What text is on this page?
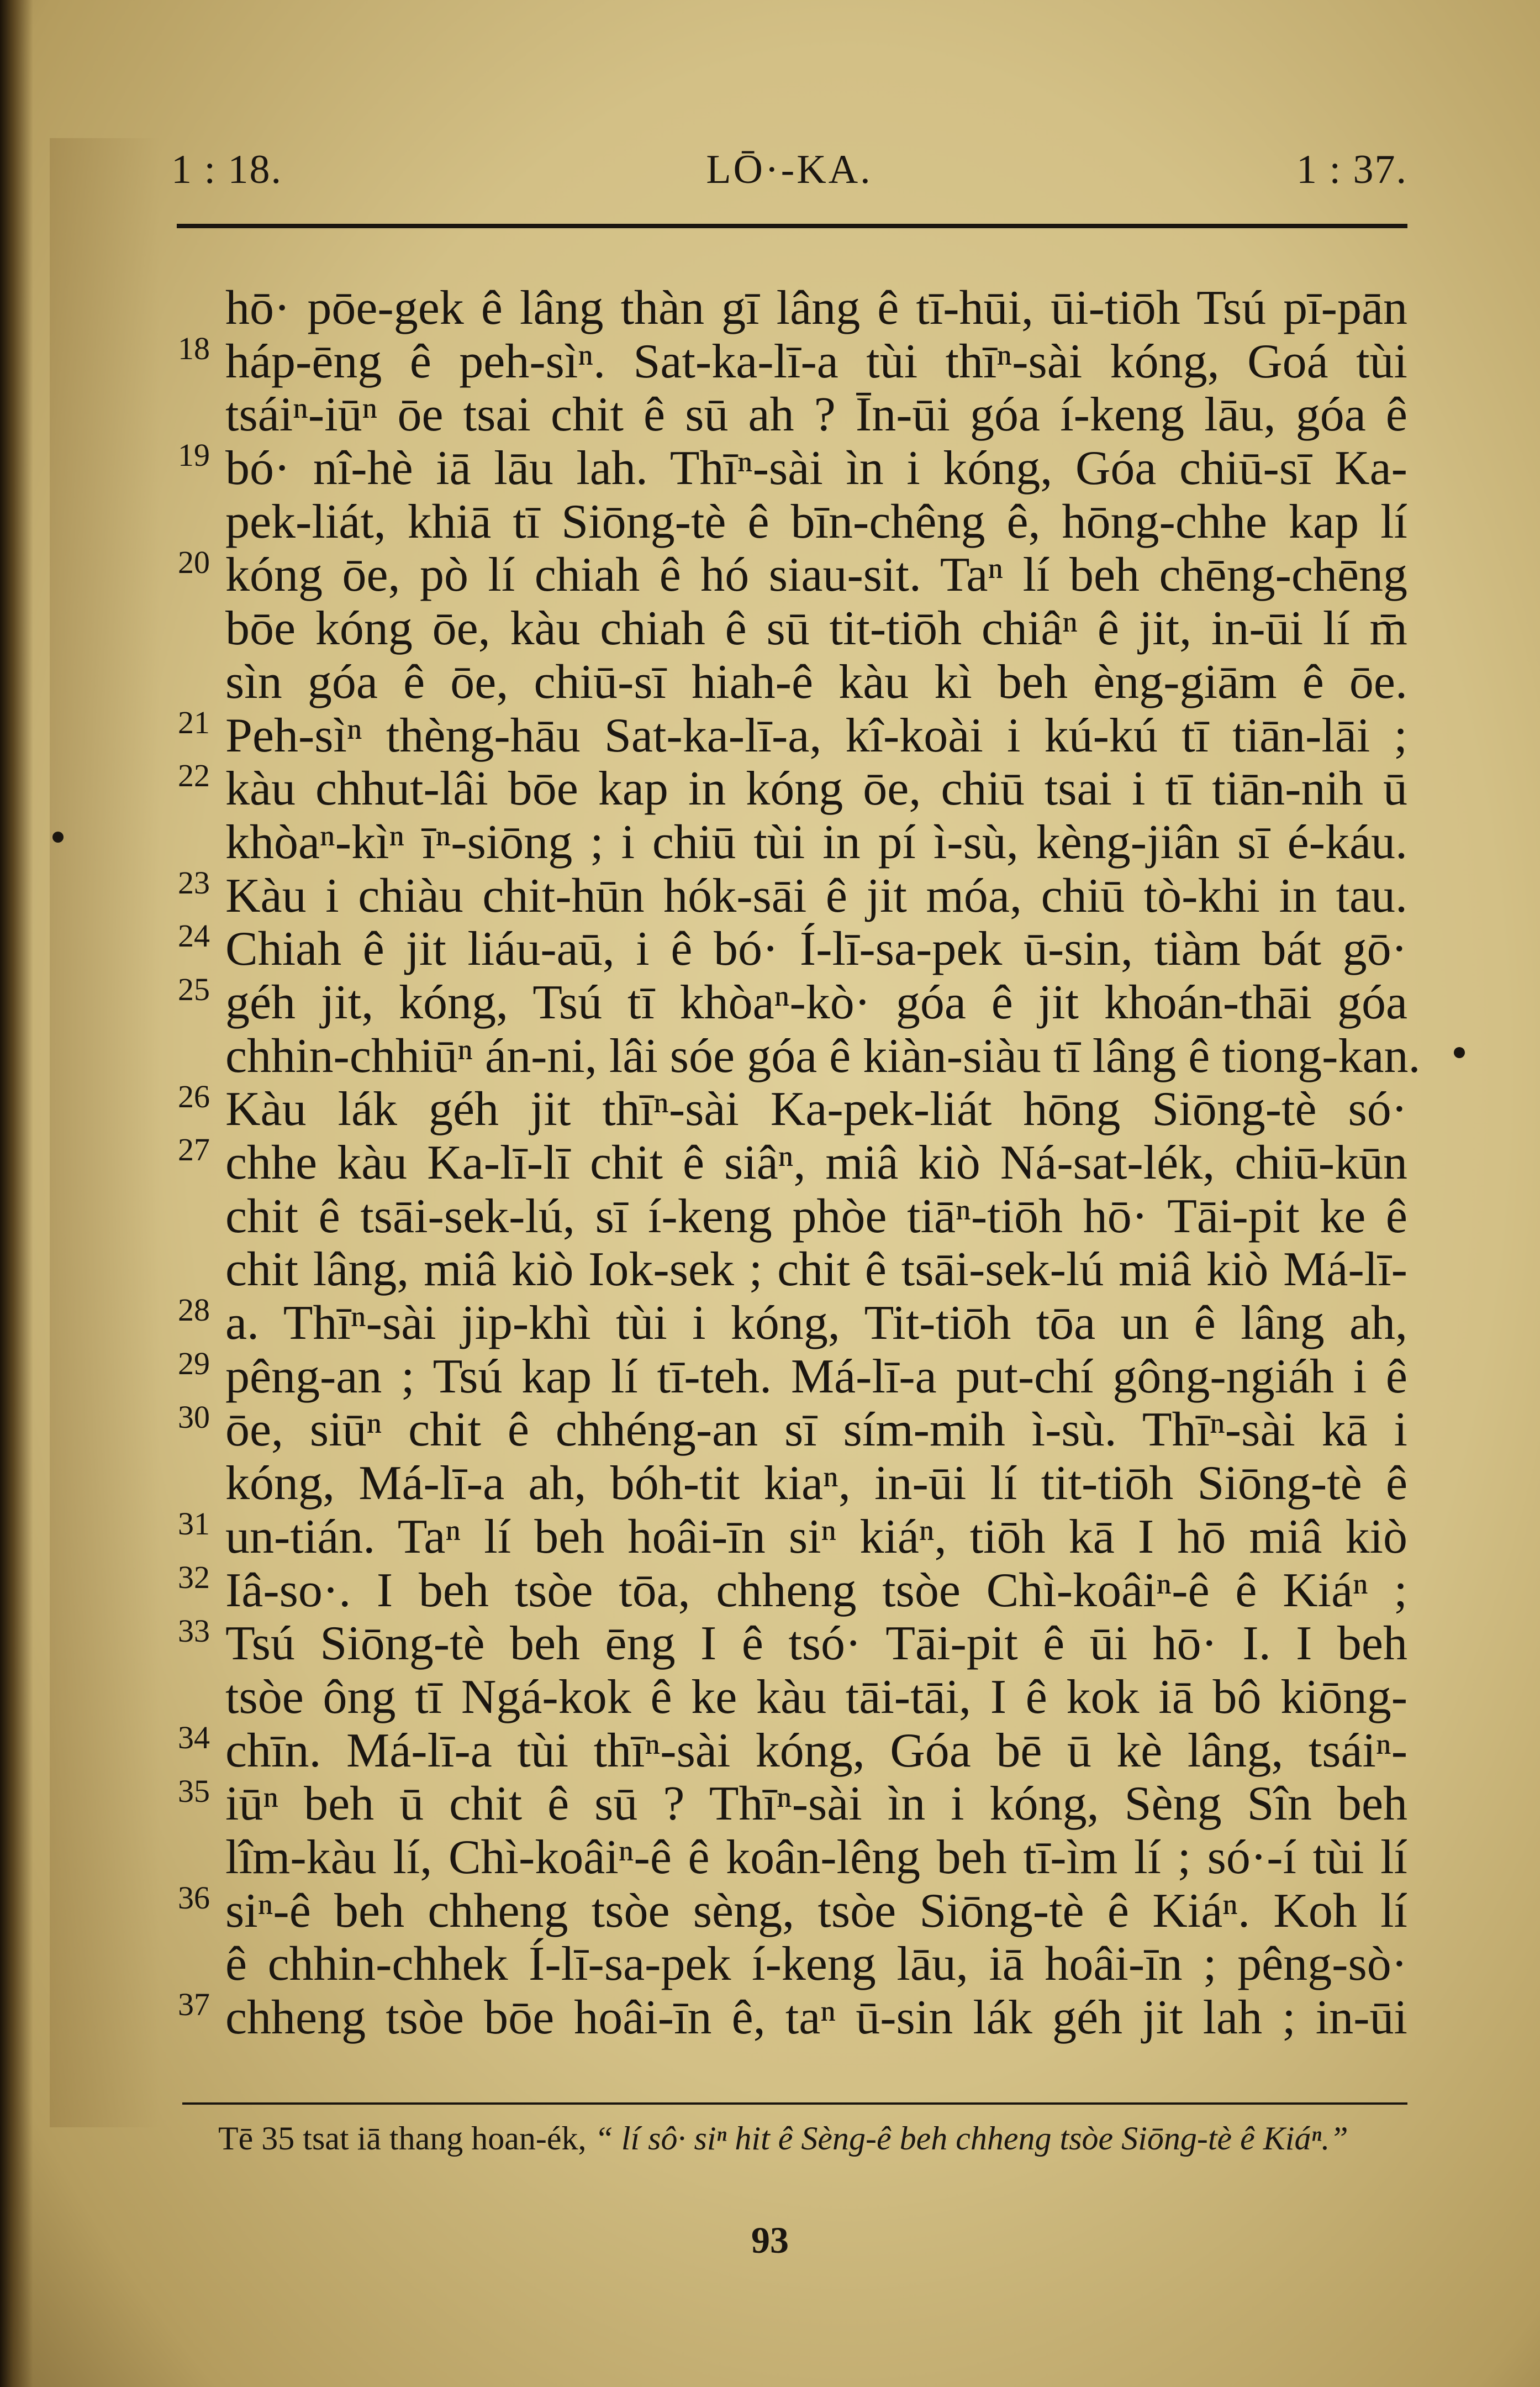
1 : 18.	LŌ·-KA.	1 : 37.
18
19
20
21
22
23
24
25
26
27
28
29
30
31
32
33
34
35
36
37
hō· pōe-gek ê lâng thàn gī lâng ê tī-hūi, ūi-tiōh Tsú pī-pān
háp-ēng ê peh-sìⁿ. Sat-ka-lī-a tùi thīⁿ-sài kóng, Goá tùi
tsáiⁿ-iūⁿ ōe tsai chit ê sū ah ? Īn-ūi góa í-keng lāu, góa ê
bó· nî-hè iā lāu lah. Thīⁿ-sài ìn i kóng, Góa chiū-sī Ka-
pek-liát, khiā tī Siōng-tè ê bīn-chêng ê, hōng-chhe kap lí
kóng ōe, pò lí chiah ê hó siau-sit. Taⁿ lí beh chēng-chēng
bōe kóng ōe, kàu chiah ê sū tit-tiōh chiâⁿ ê jit, in-ūi lí m̄
sìn góa ê ōe, chiū-sī hiah-ê kàu kì beh èng-giām ê ōe.
Peh-sìⁿ thèng-hāu Sat-ka-lī-a, kî-koài i kú-kú tī tiān-lāi ;
kàu chhut-lâi bōe kap in kóng ōe, chiū tsai i tī tiān-nih ū
khòaⁿ-kìⁿ īⁿ-siōng ; i chiū tùi in pí ì-sù, kèng-jiân sī é-káu.
Kàu i chiàu chit-hūn hók-sāi ê jit móa, chiū tò-khi in tau.
Chiah ê jit liáu-aū, i ê bó· Í-lī-sa-pek ū-sin, tiàm bát gō·
géh jit, kóng, Tsú tī khòaⁿ-kò· góa ê jit khoán-thāi góa
chhin-chhiūⁿ án-ni, lâi sóe góa ê kiàn-siàu tī lâng ê tiong-kan.
Kàu lák géh jit thīⁿ-sài Ka-pek-liát hōng Siōng-tè só·
chhe kàu Ka-lī-lī chit ê siâⁿ, miâ kiò Ná-sat-lék, chiū-kūn
chit ê tsāi-sek-lú, sī í-keng phòe tiāⁿ-tiōh hō· Tāi-pit ke ê
chit lâng, miâ kiò Iok-sek ; chit ê tsāi-sek-lú miâ kiò Má-lī-
a. Thīⁿ-sài jip-khì tùi i kóng, Tit-tiōh tōa un ê lâng ah,
pêng-an ; Tsú kap lí tī-teh. Má-lī-a put-chí gông-ngiáh i ê
ōe, siūⁿ chit ê chhéng-an sī sím-mih ì-sù. Thīⁿ-sài kā i
kóng, Má-lī-a ah, bóh-tit kiaⁿ, in-ūi lí tit-tiōh Siōng-tè ê
un-tián. Taⁿ lí beh hoâi-īn siⁿ kiáⁿ, tiōh kā I hō miâ kiò
Iâ-so·. I beh tsòe tōa, chheng tsòe Chì-koâiⁿ-ê ê Kiáⁿ ;
Tsú Siōng-tè beh ēng I ê tsó· Tāi-pit ê ūi hō· I. I beh
tsòe ông tī Ngá-kok ê ke kàu tāi-tāi, I ê kok iā bô kiōng-
chīn. Má-lī-a tùi thīⁿ-sài kóng, Góa bē ū kè lâng, tsáiⁿ-
iūⁿ beh ū chit ê sū ? Thīⁿ-sài ìn i kóng, Sèng Sîn beh
lîm-kàu lí, Chì-koâiⁿ-ê ê koân-lêng beh tī-ìm lí ; só·-í tùi lí
siⁿ-ê beh chheng tsòe sèng, tsòe Siōng-tè ê Kiáⁿ. Koh lí
ê chhin-chhek Í-lī-sa-pek í-keng lāu, iā hoâi-īn ; pêng-sò·
chheng tsòe bōe hoâi-īn ê, taⁿ ū-sin lák géh jit lah ; in-ūi
Tē 35 tsat iā thang hoan-ék, “ lí sô· siⁿ hit ê Sèng-ê beh chheng tsòe Siōng-tè ê Kiáⁿ.”
93
